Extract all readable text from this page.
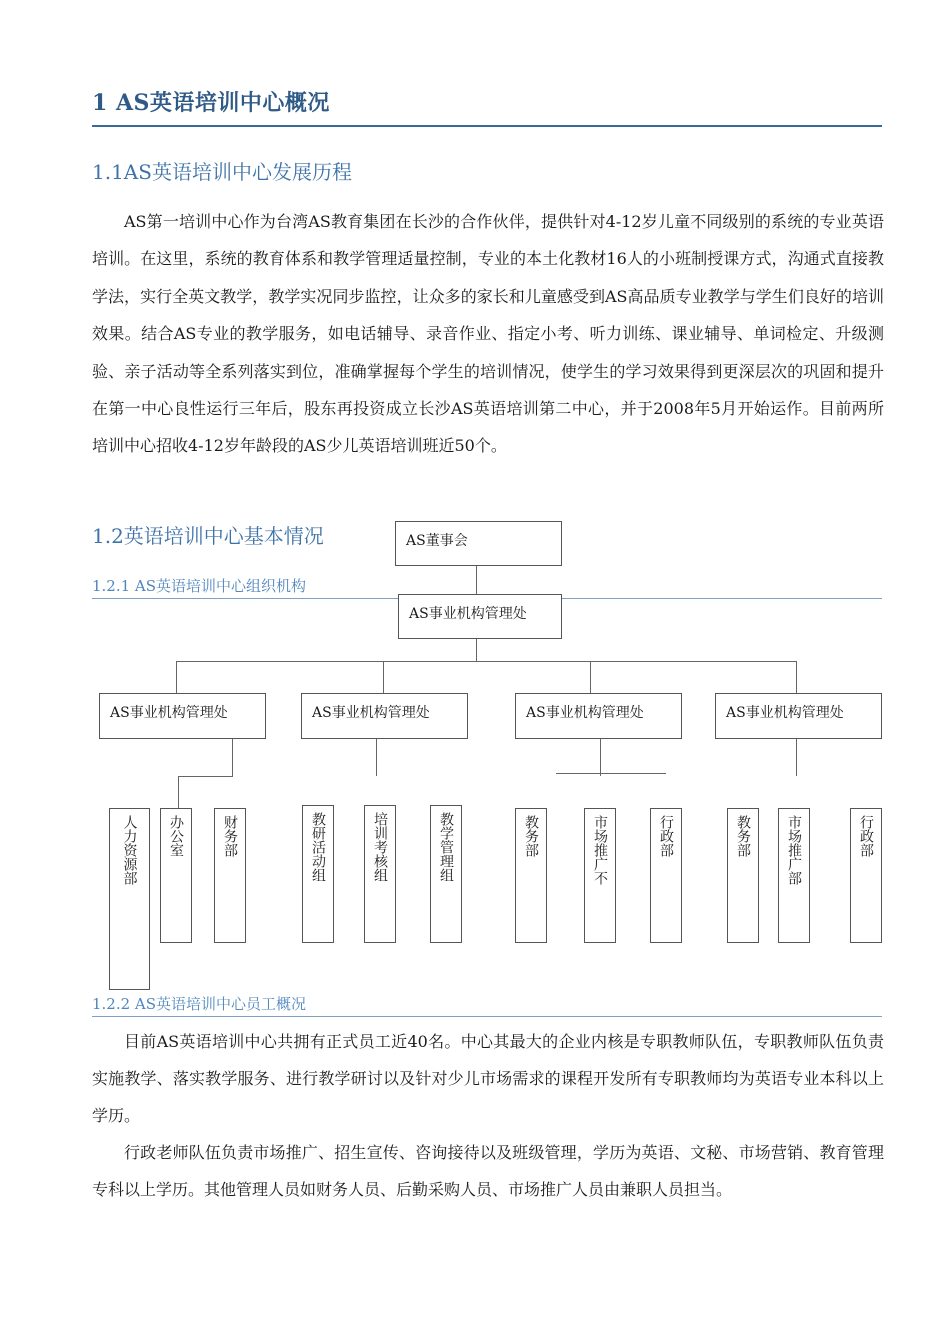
1 AS英语培训中心概况
1.1AS英语培训中心发展历程

AS第一培训中心作为台湾AS教育集团在长沙的合作伙伴，提供针对4-12岁儿童不同级别的系统的专业英语培训。在这里，系统的教育体系和教学管理适量控制，专业的本土化教材16人的小班制授课方式，沟通式直接教学法，实行全英文教学，教学实况同步监控，让众多的家长和儿童感受到AS高品质专业教学与学生们良好的培训效果。结合AS专业的教学服务，如电话辅导、录音作业、指定小考、听力训练、课业辅导、单词检定、升级测验、亲子活动等全系列落实到位，准确掌握每个学生的培训情况，使学生的学习效果得到更深层次的巩固和提升在第一中心良性运行三年后，股东再投资成立长沙AS英语培训第二中心，并于2008年5月开始运作。目前两所培训中心招收4-12岁年龄段的AS少儿英语培训班近50个。

1.2英语培训中心基本情况
1.2.1 AS英语培训中心组织机构
AS董事会
AS事业机构管理处
AS事业机构管理处
人力资源部 办公室	财务部
AS事业机构管理处
教研活动组	培训考核组	教学管理组
AS事业机构管理处
教务部	市场推广不	行政部
AS事业机构管理处
教务部	市场推广部	行政部
1.2.2 AS英语培训中心员工概况

目前AS英语培训中心共拥有正式员工近40名。中心其最大的企业内核是专职教师队伍，专职教师队伍负责实施教学、落实教学服务、进行教学研讨以及针对少儿市场需求的课程开发所有专职教师均为英语专业本科以上学历。

行政老师队伍负责市场推广、招生宣传、咨询接待以及班级管理，学历为英语、文秘、市场营销、教育管理专科以上学历。其他管理人员如财务人员、后勤采购人员、市场推广人员由兼职人员担当。
